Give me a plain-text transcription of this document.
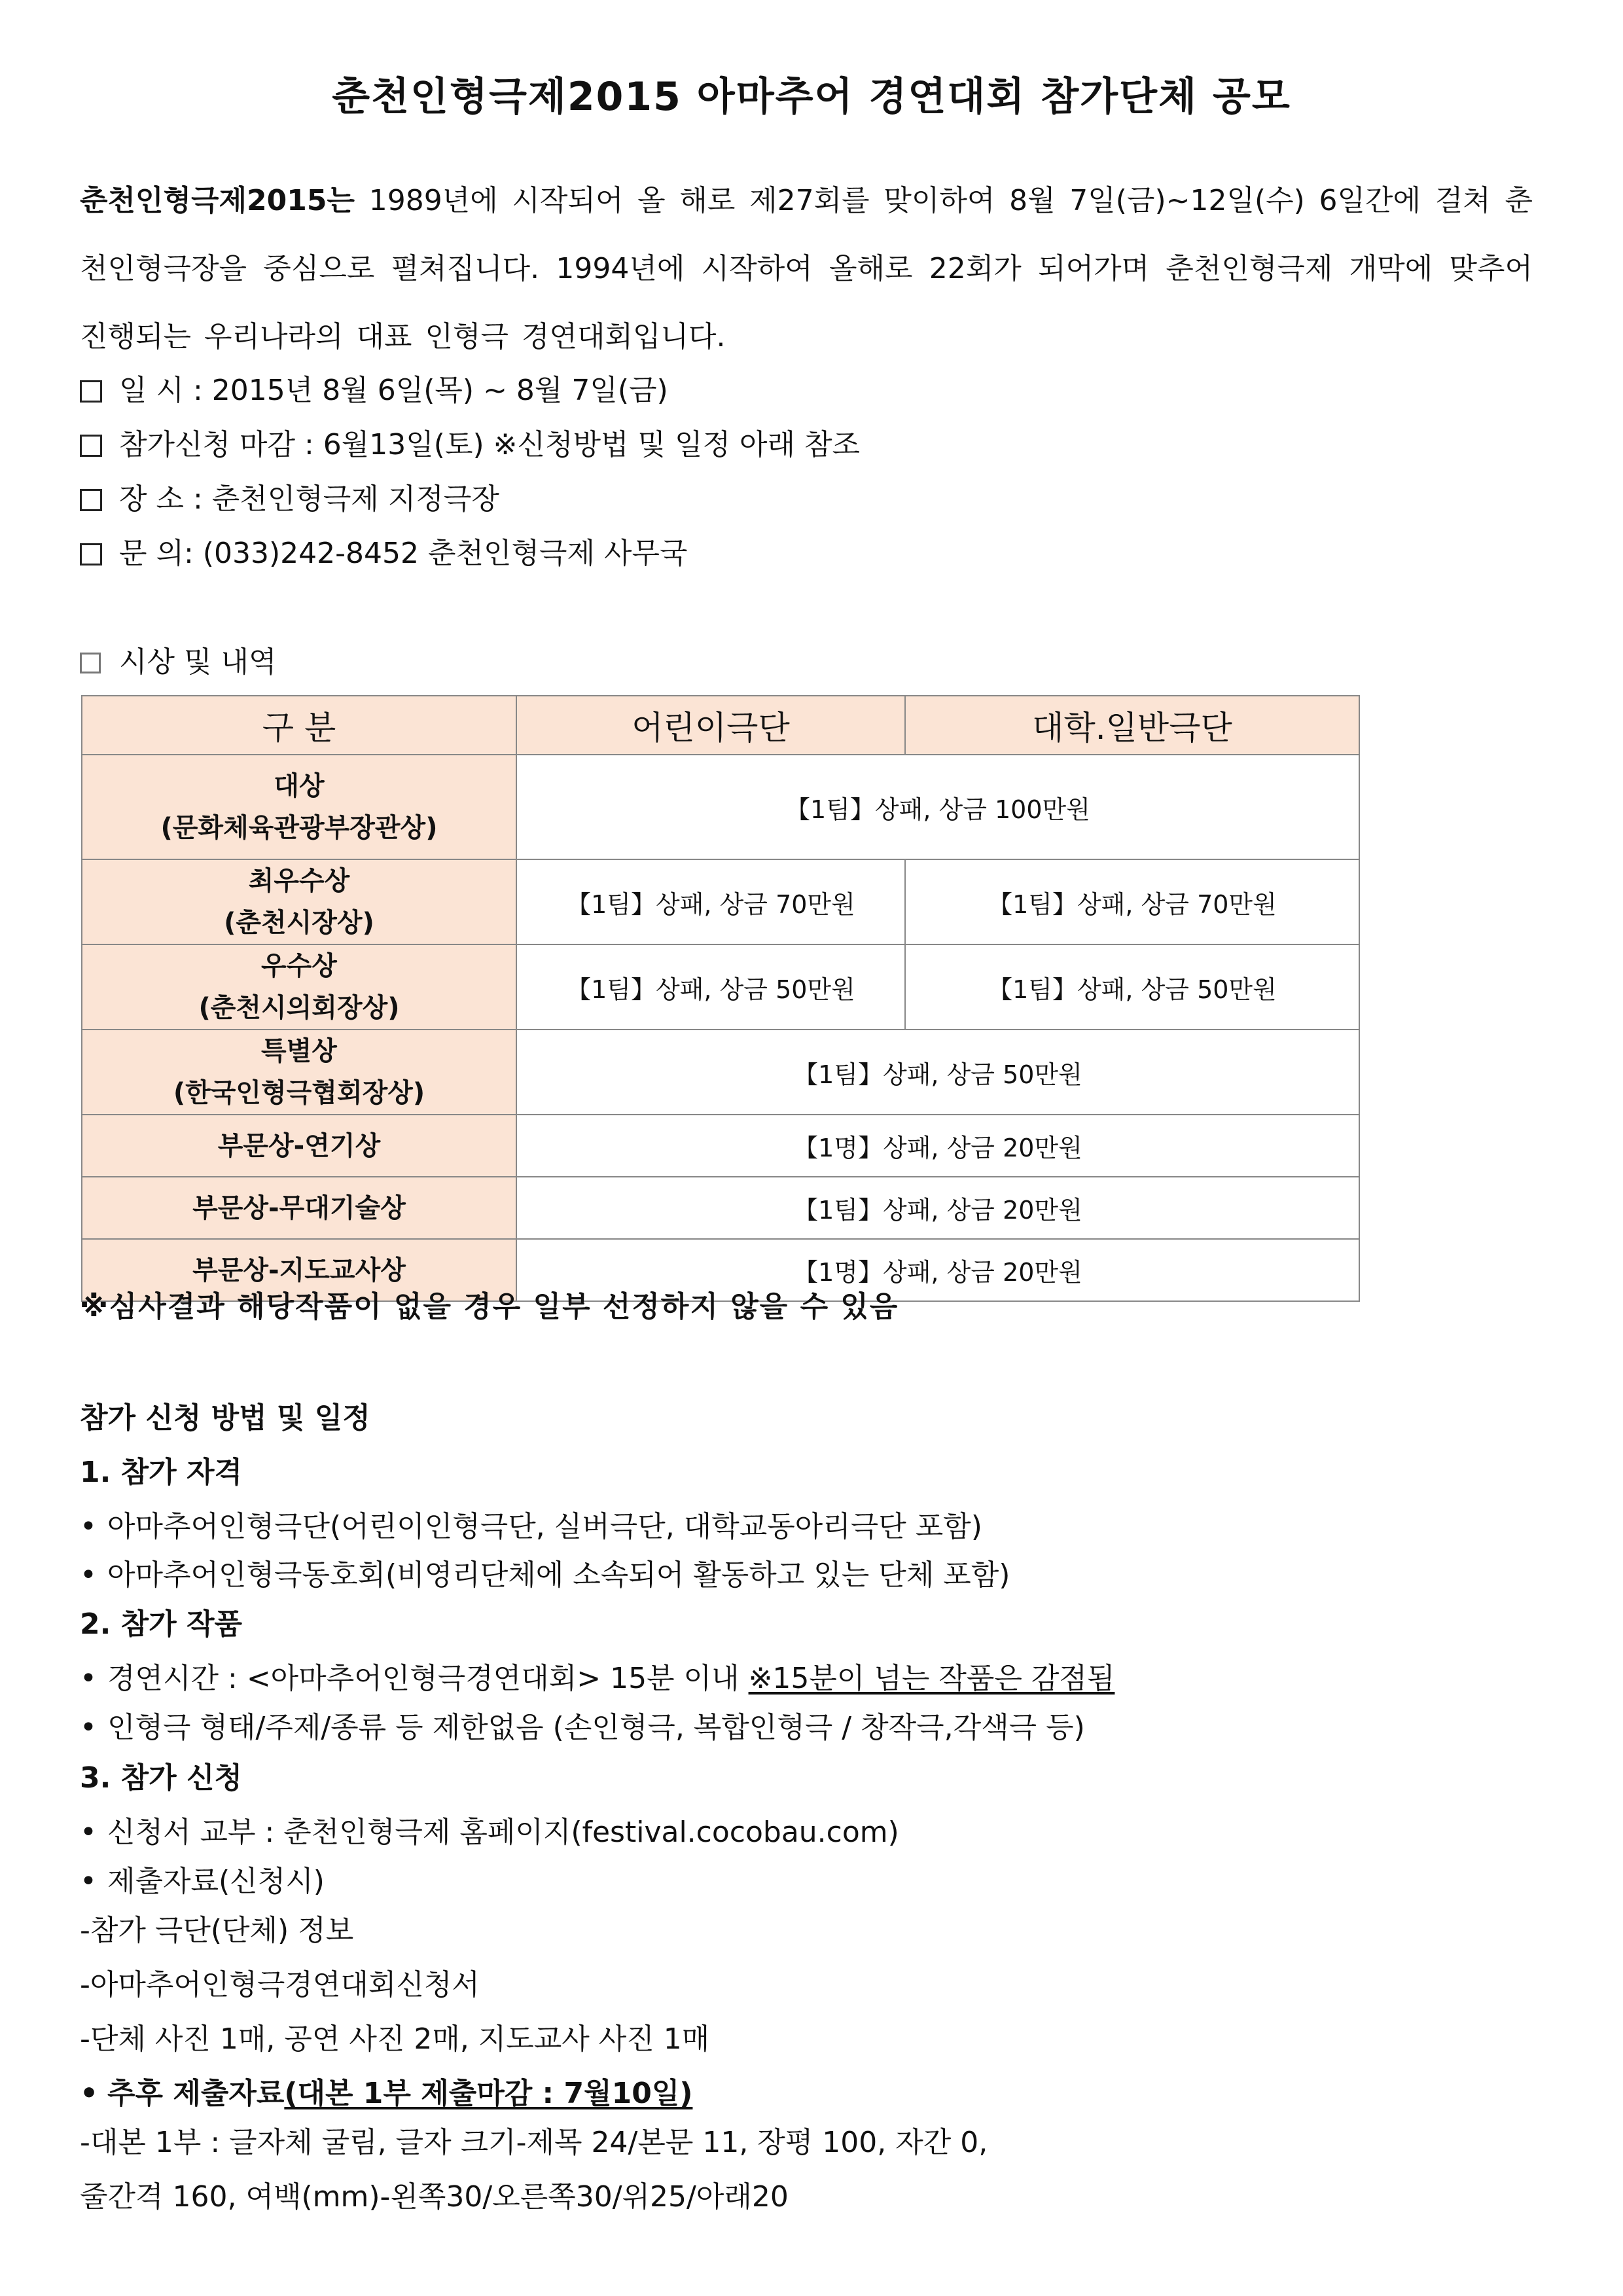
춘천인형극제2015 아마추어 경연대회 참가단체 공모
춘천인형극제2015는 1989년에 시작되어 올 해로 제27회를 맞이하여 8월 7일(금)~12일(수) 6일간에 걸쳐 춘천인형극장을 중심으로 펼쳐집니다. 1994년에 시작하여 올해로 22회가 되어가며 춘천인형극제 개막에 맞추어 진행되는 우리나라의 대표 인형극 경연대회입니다.
일 시 : 2015년 8월 6일(목) ~ 8월 7일(금)
참가신청 마감 : 6월13일(토) ※신청방법 및 일정 아래 참조
장 소 : 춘천인형극제 지정극장
문 의: (033)242-8452 춘천인형극제 사무국
시상 및 내역
구 분	어린이극단	대학.일반극단

대상
(문화체육관광부장관상)	【1팀】상패, 상금 100만원	

최우수상
(춘천시장상)	【1팀】상패, 상금 70만원	【1팀】상패, 상금 70만원

우수상
(춘천시의회장상)	【1팀】상패, 상금 50만원	【1팀】상패, 상금 50만원

특별상
(한국인형극협회장상)	【1팀】상패, 상금 50만원	
부문상-연기상	【1명】상패, 상금 20만원	
부문상-무대기술상	【1팀】상패, 상금 20만원	
부문상-지도교사상	【1명】상패, 상금 20만원	
※심사결과 해당작품이 없을 경우 일부 선정하지 않을 수 있음
참가 신청 방법 및 일정
1. 참가 자격
• 아마추어인형극단(어린이인형극단, 실버극단, 대학교동아리극단 포함)
• 아마추어인형극동호회(비영리단체에 소속되어 활동하고 있는 단체 포함)
2. 참가 작품
• 경연시간 : <아마추어인형극경연대회> 15분 이내 ※15분이 넘는 작품은 감점됨
• 인형극 형태/주제/종류 등 제한없음 (손인형극, 복합인형극 / 창작극,각색극 등)
3. 참가 신청
• 신청서 교부 : 춘천인형극제 홈페이지(festival.cocobau.com)
• 제출자료(신청시)
-참가 극단(단체) 정보
-아마추어인형극경연대회신청서
-단체 사진 1매, 공연 사진 2매, 지도교사 사진 1매
• 추후 제출자료(대본 1부 제출마감 : 7월10일)
-대본 1부 : 글자체 굴림, 글자 크기-제목 24/본문 11, 장평 100, 자간 0,
줄간격 160, 여백(mm)-왼쪽30/오른쪽30/위25/아래20
